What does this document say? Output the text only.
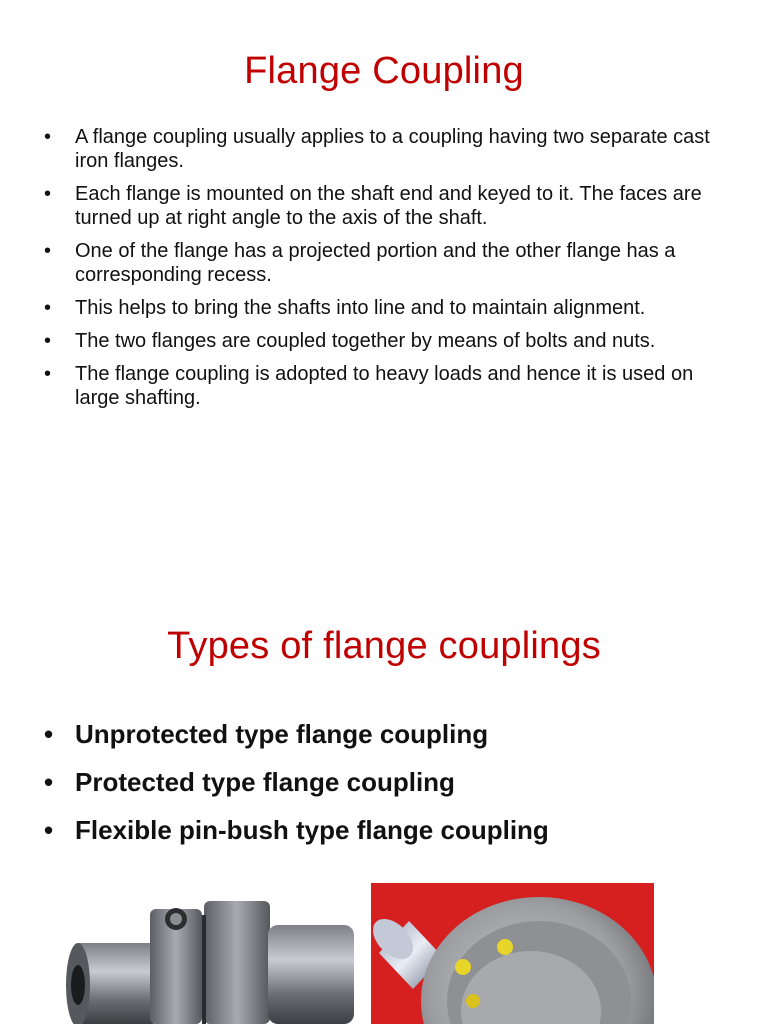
Flange Coupling
• A flange coupling usually applies to a coupling having two separate cast iron flanges.
• Each flange is mounted on the shaft end and keyed to it. The faces are turned up at right angle to the axis of the shaft.
• One of the flange has a projected portion and the other flange has a corresponding recess.
• This helps to bring the shafts into line and to maintain alignment.
• The two flanges are coupled together by means of bolts and nuts.
• The flange coupling is adopted to heavy loads and hence it is used on large shafting.
Types of flange couplings
• Unprotected type flange coupling
• Protected type flange coupling
• Flexible pin-bush type flange coupling
